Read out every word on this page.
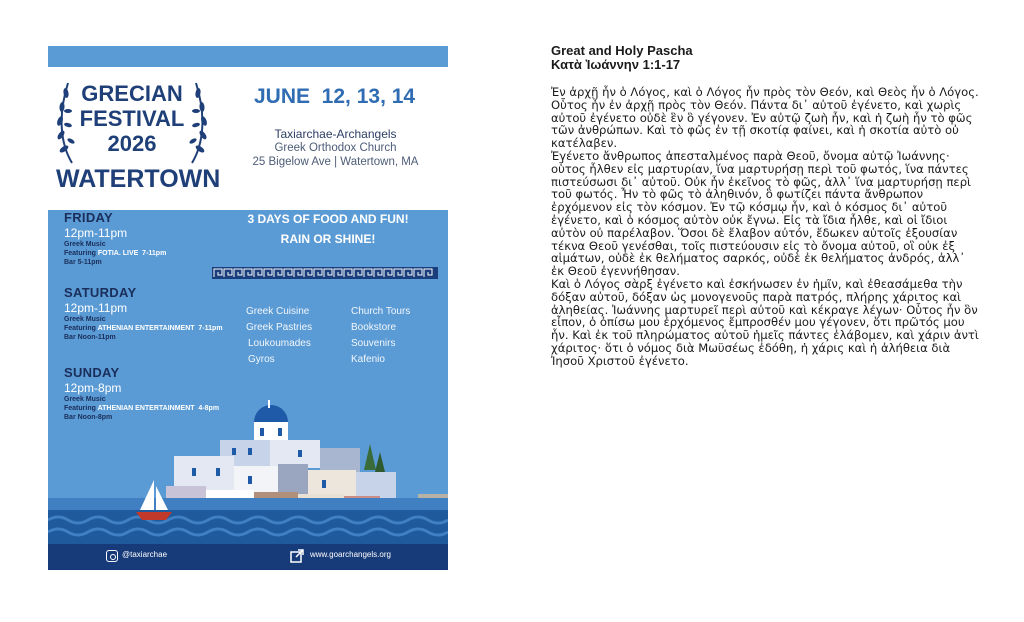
GRECIAN
FESTIVAL
2026
WATERTOWN
JUNE  12, 13, 14
Taxiarchae-Archangels
Greek Orthodox Church
25 Bigelow Ave | Watertown, MA
FRIDAY
12pm-11pm
Greek Music
Featuring FOTIA. LIVE  7-11pm
Bar 5-11pm
SATURDAY
12pm-11pm
Greek Music
Featuring ATHENIAN ENTERTAINMENT  7-11pm
Bar Noon-11pm
SUNDAY
12pm-8pm
Greek Music
Featuring ATHENIAN ENTERTAINMENT  4-8pm
Bar Noon-8pm
3 DAYS OF FOOD AND FUN!
RAIN OR SHINE!
Greek Cuisine
Greek Pastries
Loukoumades
Gyros
Church Tours
Bookstore
Souvenirs
Kafenio
@taxiarchae	www.goarchangels.org
Great and Holy Pascha
Κατὰ Ἰωάννην 1:1-17

Ἐν ἀρχῇ ἦν ὁ Λόγος, καὶ ὁ Λόγος ἦν πρὸς τὸν Θεόν, καὶ Θεὸς ἦν ὁ Λόγος. Οὗτος ἦν ἐν ἀρχῇ πρὸς τὸν Θεόν. Πάντα δι᾽ αὐτοῦ ἐγένετο, καὶ χωρὶς αὐτοῦ ἐγένετο οὐδὲ ἓν ὃ γέγονεν. Ἐν αὐτῷ ζωὴ ἦν, καὶ ἡ ζωὴ ἦν τὸ φῶς τῶν ἀνθρώπων. Καὶ τὸ φῶς ἐν τῇ σκοτίᾳ φαίνει, καὶ ἡ σκοτία αὐτὸ οὐ κατέλαβεν.

Ἐγένετο ἄνθρωπος ἀπεσταλμένος παρὰ Θεοῦ, ὄνομα αὐτῷ Ἰωάννης· οὗτος ἦλθεν εἰς μαρτυρίαν, ἵνα μαρτυρήσῃ περὶ τοῦ φωτός, ἵνα πάντες πιστεύσωσι δι᾽ αὐτοῦ. Οὐκ ἦν ἐκεῖνος τὸ φῶς, ἀλλ᾽ ἵνα μαρτυρήσῃ περὶ τοῦ φωτός. Ἦν τὸ φῶς τὸ ἀληθινόν, ὃ φωτίζει πάντα ἄνθρωπον ἐρχόμενον εἰς τὸν κόσμον. Ἐν τῷ κόσμῳ ἦν, καὶ ὁ κόσμος δι᾽ αὐτοῦ ἐγένετο, καὶ ὁ κόσμος αὐτὸν οὐκ ἔγνω. Εἰς τὰ ἴδια ἦλθε, καὶ οἱ ἴδιοι αὐτὸν οὐ παρέλαβον. Ὅσοι δὲ ἔλαβον αὐτόν, ἔδωκεν αὐτοῖς ἐξουσίαν τέκνα Θεοῦ γενέσθαι, τοῖς πιστεύουσιν εἰς τὸ ὄνομα αὐτοῦ, οἳ οὐκ ἐξ αἱμάτων, οὐδὲ ἐκ θελήματος σαρκός, οὐδὲ ἐκ θελήματος ἀνδρός, ἀλλ᾽ ἐκ Θεοῦ ἐγεννήθησαν.

Καὶ ὁ Λόγος σὰρξ ἐγένετο καὶ ἐσκήνωσεν ἐν ἡμῖν, καὶ ἐθεασάμεθα τὴν δόξαν αὐτοῦ, δόξαν ὡς μονογενοῦς παρὰ πατρός, πλήρης χάριτος καὶ ἀληθείας. Ἰωάννης μαρτυρεῖ περὶ αὐτοῦ καὶ κέκραγε λέγων· Οὗτος ἦν ὃν εἶπον, ὁ ὀπίσω μου ἐρχόμενος ἔμπροσθέν μου γέγονεν, ὅτι πρῶτός μου ἦν. Καὶ ἐκ τοῦ πληρώματος αὐτοῦ ἡμεῖς πάντες ἐλάβομεν, καὶ χάριν ἀντὶ χάριτος· ὅτι ὁ νόμος διὰ Μωϋσέως ἐδόθη, ἡ χάρις καὶ ἡ ἀλήθεια διὰ Ἰησοῦ Χριστοῦ ἐγένετο.
